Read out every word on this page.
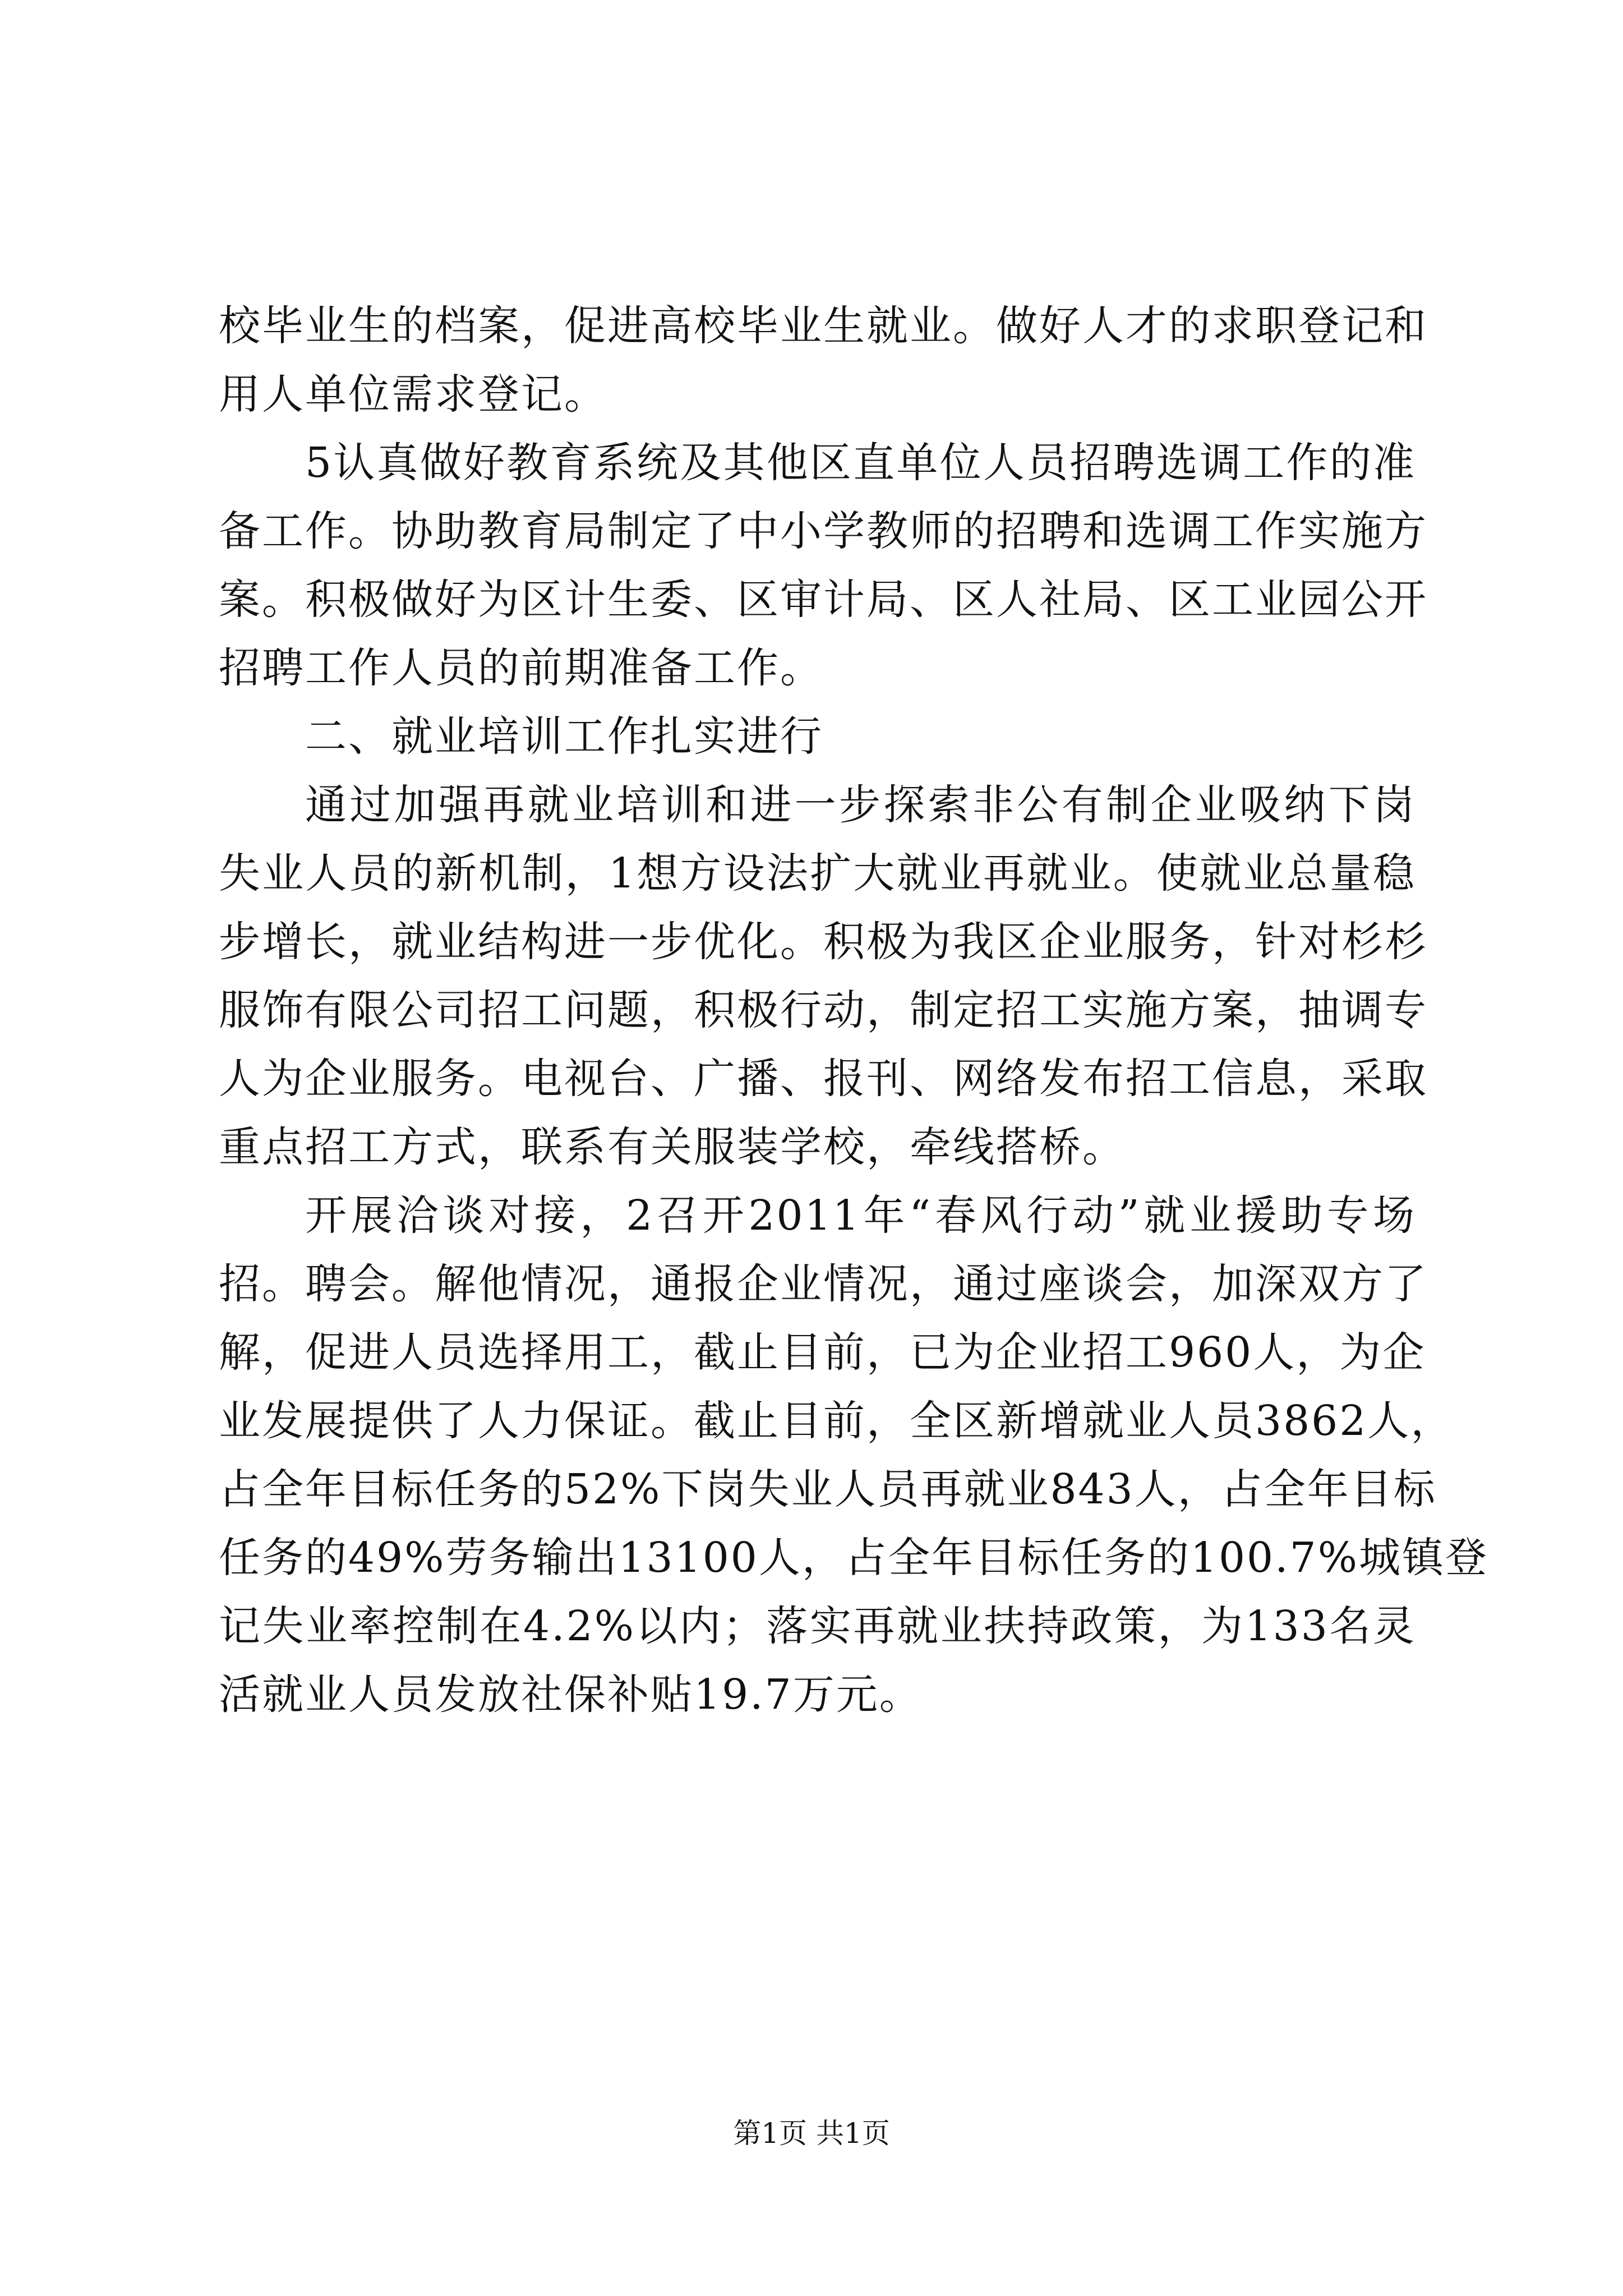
校毕业生的档案，促进高校毕业生就业。做好人才的求职登记和
用人单位需求登记。
5认真做好教育系统及其他区直单位人员招聘选调工作的准
备工作。协助教育局制定了中小学教师的招聘和选调工作实施方
案。积极做好为区计生委、区审计局、区人社局、区工业园公开
招聘工作人员的前期准备工作。
二、就业培训工作扎实进行
通过加强再就业培训和进一步探索非公有制企业吸纳下岗
失业人员的新机制，1想方设法扩大就业再就业。使就业总量稳
步增长，就业结构进一步优化。积极为我区企业服务，针对杉杉
服饰有限公司招工问题，积极行动，制定招工实施方案，抽调专
人为企业服务。电视台、广播、报刊、网络发布招工信息，采取
重点招工方式，联系有关服装学校，牵线搭桥。
开展洽谈对接，2召开2011年“春风行动”就业援助专场
招。聘会。解他情况，通报企业情况，通过座谈会，加深双方了
解，促进人员选择用工，截止目前，已为企业招工960人，为企
业发展提供了人力保证。截止目前，全区新增就业人员3862人，
占全年目标任务的52%下岗失业人员再就业843人，占全年目标
任务的49%劳务输出13100人，占全年目标任务的100.7%城镇登
记失业率控制在4.2%以内；落实再就业扶持政策，为133名灵
活就业人员发放社保补贴19.7万元。
第1页 共1页
